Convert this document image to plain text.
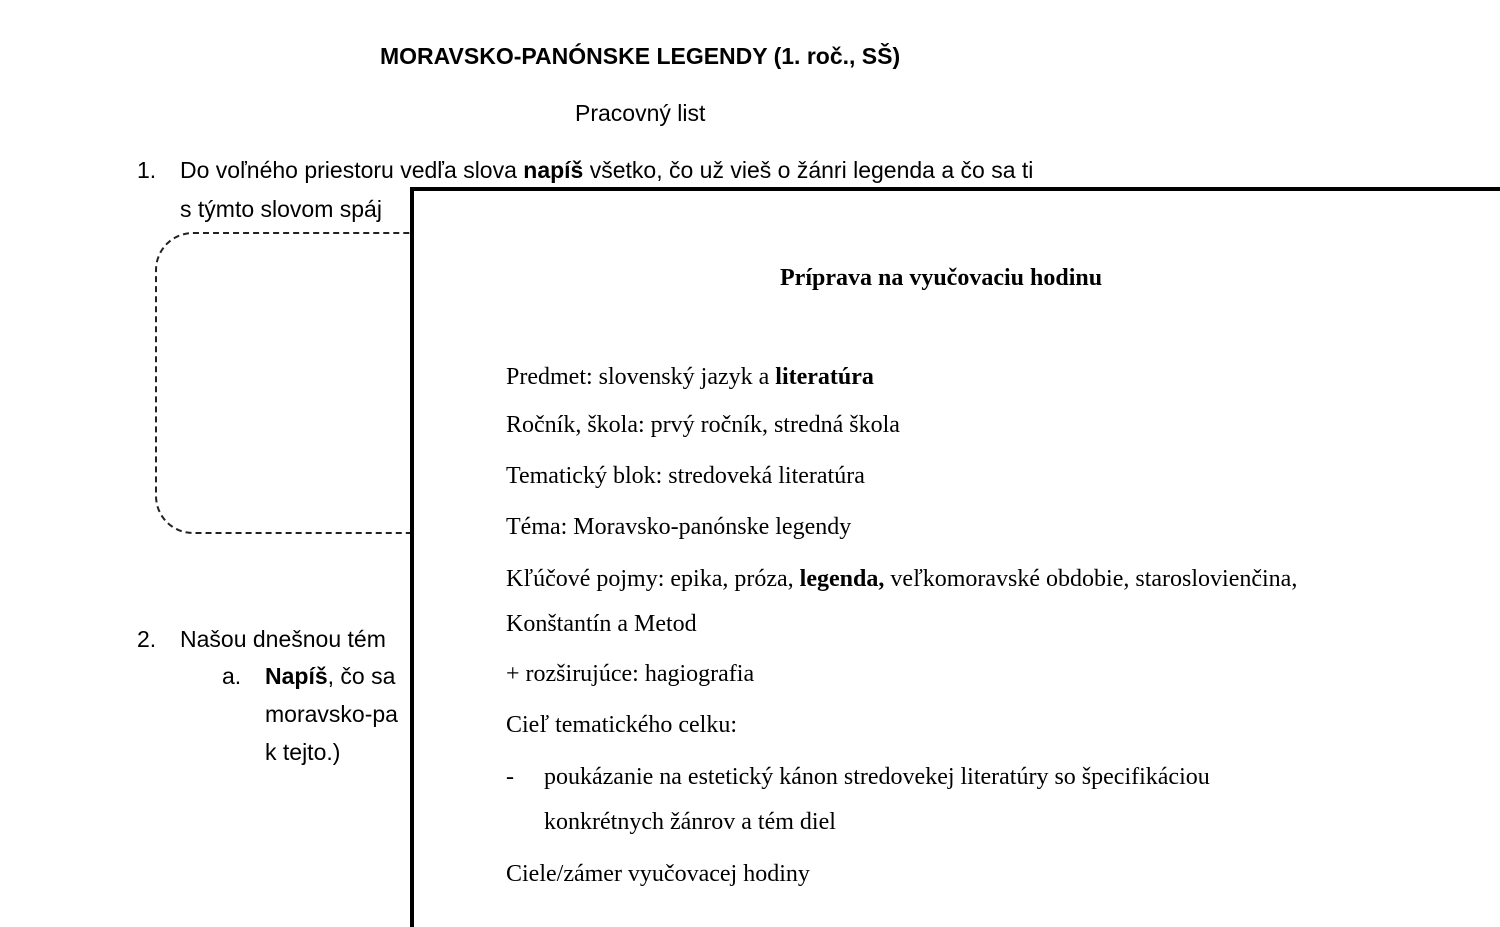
MORAVSKO-PANÓNSKE LEGENDY (1. roč., SŠ)
Pracovný list
1. Do voľného priestoru vedľa slova napíš všetko, čo už vieš o žánri legenda a čo sa ti
s týmto slovom spáj
2. Našou dnešnou tém
a. Napíš, čo sa
moravsko-pa
k tejto.)
Príprava na vyučovaciu hodinu
Predmet: slovenský jazyk a literatúra
Ročník, škola: prvý ročník, stredná škola
Tematický blok: stredoveká literatúra
Téma: Moravsko-panónske legendy
Kľúčové pojmy: epika, próza, legenda, veľkomoravské obdobie, staroslovienčina,
Konštantín a Metod
+ rozširujúce: hagiografia
Cieľ tematického celku:
- poukázanie na estetický kánon stredovekej literatúry so špecifikáciou
konkrétnych žánrov a tém diel
Ciele/zámer vyučovacej hodiny
